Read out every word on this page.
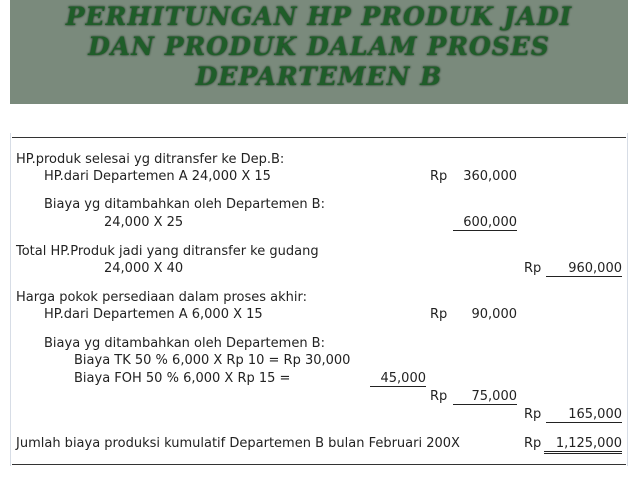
PERHITUNGAN HP PRODUK JADI
DAN PRODUK DALAM PROSES
DEPARTEMEN B
HP.produk selesai yg ditransfer ke Dep.B:
HP.dari Departemen A 24,000 X 15	Rp	360,000
Biaya yg ditambahkan oleh Departemen B:
24,000 X 25	600,000
Total HP.Produk jadi yang ditransfer ke gudang
24,000 X 40	Rp	960,000
Harga pokok persediaan dalam proses akhir:
HP.dari Departemen A 6,000 X 15	Rp	90,000
Biaya yg ditambahkan oleh Departemen B:
Biaya TK 50 % 6,000 X Rp 10 = Rp 30,000
Biaya FOH 50 % 6,000 X Rp 15 =	45,000
Rp	75,000
Rp	165,000
Jumlah biaya produksi kumulatif Departemen B bulan Februari 200X	Rp	1,125,000
